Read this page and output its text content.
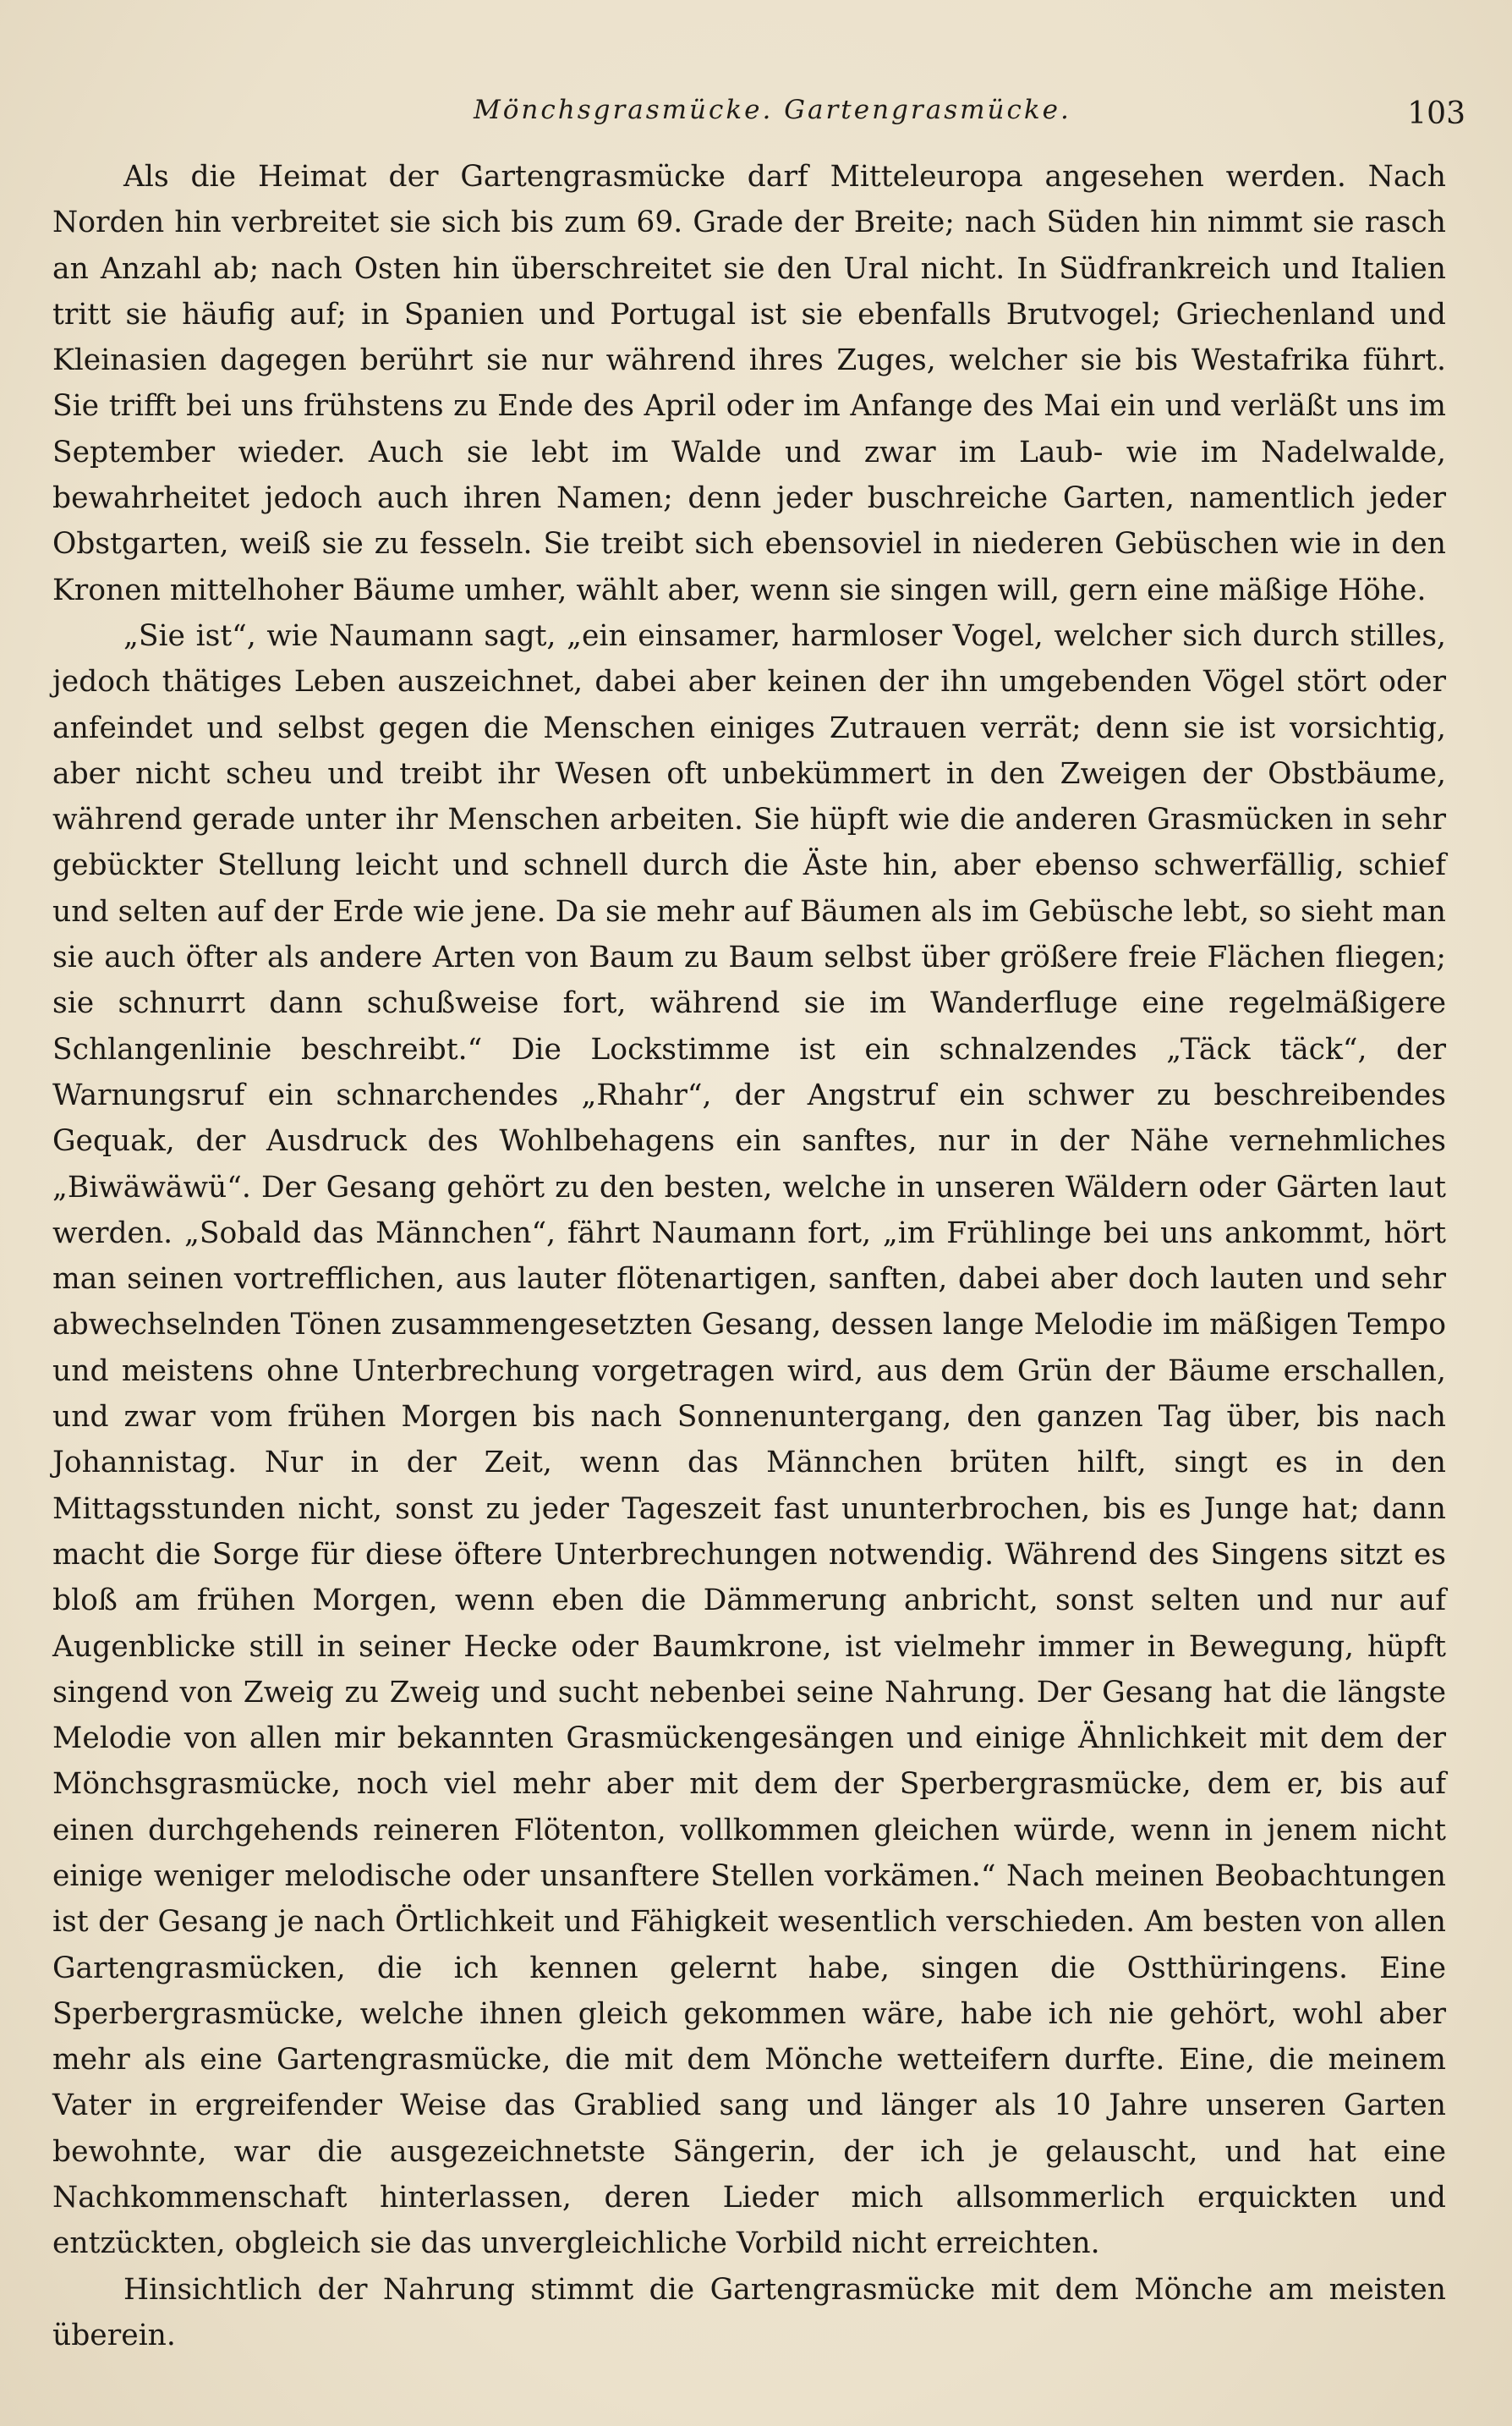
Mönchsgrasmücke. Gartengrasmücke.	103

Als die Heimat der Gartengrasmücke darf Mitteleuropa angesehen werden. Nach Norden hin verbreitet sie sich bis zum 69. Grade der Breite; nach Süden hin nimmt sie rasch an Anzahl ab; nach Osten hin überschreitet sie den Ural nicht. In Südfrankreich und Italien tritt sie häufig auf; in Spanien und Portugal ist sie ebenfalls Brutvogel; Griechenland und Kleinasien dagegen berührt sie nur während ihres Zuges, welcher sie bis Westafrika führt. Sie trifft bei uns frühstens zu Ende des April oder im Anfange des Mai ein und verläßt uns im September wieder. Auch sie lebt im Walde und zwar im Laub- wie im Nadelwalde, bewahrheitet jedoch auch ihren Namen; denn jeder buschreiche Garten, namentlich jeder Obstgarten, weiß sie zu fesseln. Sie treibt sich ebensoviel in niederen Gebüschen wie in den Kronen mittelhoher Bäume umher, wählt aber, wenn sie singen will, gern eine mäßige Höhe.

„Sie ist“, wie Naumann sagt, „ein einsamer, harmloser Vogel, welcher sich durch stilles, jedoch thätiges Leben auszeichnet, dabei aber keinen der ihn umgebenden Vögel stört oder anfeindet und selbst gegen die Menschen einiges Zutrauen verrät; denn sie ist vorsichtig, aber nicht scheu und treibt ihr Wesen oft unbekümmert in den Zweigen der Obstbäume, während gerade unter ihr Menschen arbeiten. Sie hüpft wie die anderen Grasmücken in sehr gebückter Stellung leicht und schnell durch die Äste hin, aber ebenso schwerfällig, schief und selten auf der Erde wie jene. Da sie mehr auf Bäumen als im Gebüsche lebt, so sieht man sie auch öfter als andere Arten von Baum zu Baum selbst über größere freie Flächen fliegen; sie schnurrt dann schußweise fort, während sie im Wanderfluge eine regelmäßigere Schlangenlinie beschreibt.“ Die Lockstimme ist ein schnalzendes „Täck täck“, der Warnungsruf ein schnarchendes „Rhahr“, der Angstruf ein schwer zu beschreibendes Gequak, der Ausdruck des Wohlbehagens ein sanftes, nur in der Nähe vernehmliches „Biwäwäwü“. Der Gesang gehört zu den besten, welche in unseren Wäldern oder Gärten laut werden. „Sobald das Männchen“, fährt Naumann fort, „im Frühlinge bei uns ankommt, hört man seinen vortrefflichen, aus lauter flötenartigen, sanften, dabei aber doch lauten und sehr abwechselnden Tönen zusammengesetzten Gesang, dessen lange Melodie im mäßigen Tempo und meistens ohne Unterbrechung vorgetragen wird, aus dem Grün der Bäume erschallen, und zwar vom frühen Morgen bis nach Sonnenuntergang, den ganzen Tag über, bis nach Johannistag. Nur in der Zeit, wenn das Männchen brüten hilft, singt es in den Mittagsstunden nicht, sonst zu jeder Tageszeit fast ununterbrochen, bis es Junge hat; dann macht die Sorge für diese öftere Unterbrechungen notwendig. Während des Singens sitzt es bloß am frühen Morgen, wenn eben die Dämmerung anbricht, sonst selten und nur auf Augenblicke still in seiner Hecke oder Baumkrone, ist vielmehr immer in Bewegung, hüpft singend von Zweig zu Zweig und sucht nebenbei seine Nahrung. Der Gesang hat die längste Melodie von allen mir bekannten Grasmückengesängen und einige Ähnlichkeit mit dem der Mönchsgrasmücke, noch viel mehr aber mit dem der Sperbergrasmücke, dem er, bis auf einen durchgehends reineren Flötenton, vollkommen gleichen würde, wenn in jenem nicht einige weniger melodische oder unsanftere Stellen vorkämen.“ Nach meinen Beobachtungen ist der Gesang je nach Örtlichkeit und Fähigkeit wesentlich verschieden. Am besten von allen Gartengrasmücken, die ich kennen gelernt habe, singen die Ostthüringens. Eine Sperbergrasmücke, welche ihnen gleich gekommen wäre, habe ich nie gehört, wohl aber mehr als eine Gartengrasmücke, die mit dem Mönche wetteifern durfte. Eine, die meinem Vater in ergreifender Weise das Grablied sang und länger als 10 Jahre unseren Garten bewohnte, war die ausgezeichnetste Sängerin, der ich je gelauscht, und hat eine Nachkommenschaft hinterlassen, deren Lieder mich allsommerlich erquickten und entzückten, obgleich sie das unvergleichliche Vorbild nicht erreichten.

Hinsichtlich der Nahrung stimmt die Gartengrasmücke mit dem Mönche am meisten überein.
